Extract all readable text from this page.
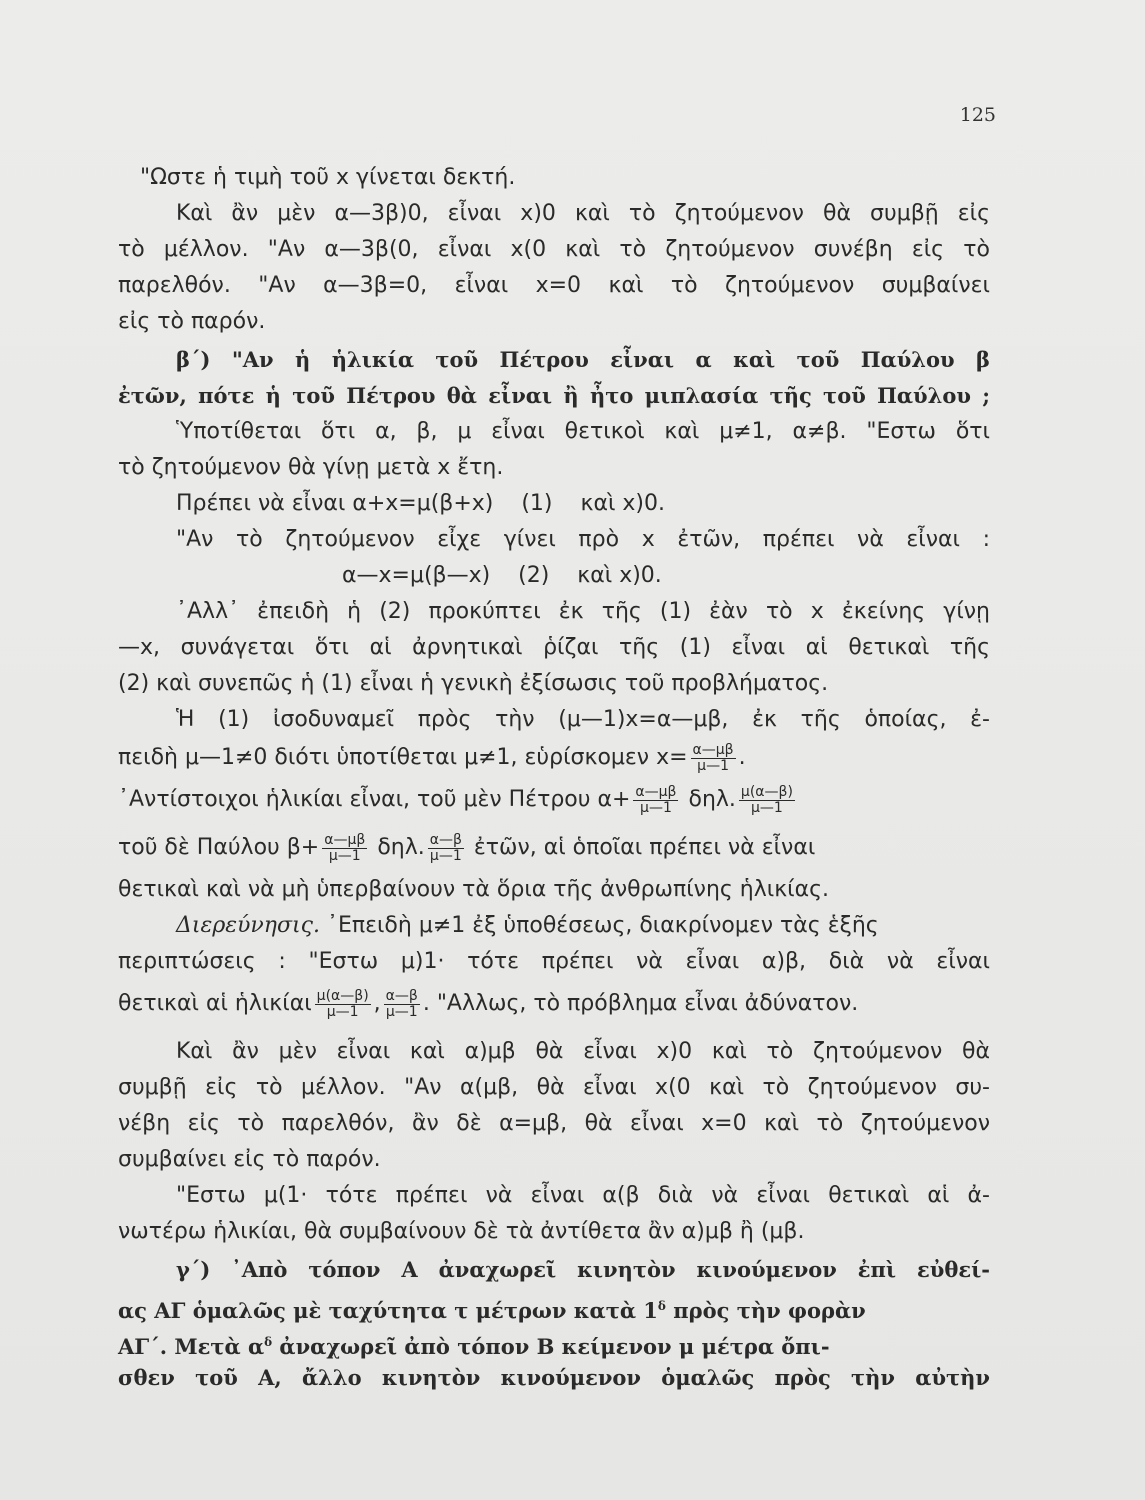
125
"Ωστε ἡ τιμὴ τοῦ x γίνεται δεκτή.
Καὶ ἂν μὲν α—3β)0, εἶναι x)0 καὶ τὸ ζητούμενον θὰ συμβῇ εἰς
τὸ μέλλον. "Αν α—3β(0, εἶναι x(0 καὶ τὸ ζητούμενον συνέβη εἰς τὸ
παρελθόν. "Αν α—3β=0, εἶναι x=0 καὶ τὸ ζητούμενον συμβαίνει
εἰς τὸ παρόν.
β΄) "Αν ἡ ἡλικία τοῦ Πέτρου εἶναι α καὶ τοῦ Παύλου β
ἐτῶν, πότε ἡ τοῦ Πέτρου θὰ εἶναι ἢ ἦτο μιπλασία τῆς τοῦ Παύλου ;
Ὑποτίθεται ὅτι α, β, μ εἶναι θετικοὶ καὶ μ≠1, α≠β. "Εστω ὅτι
τὸ ζητούμενον θὰ γίνῃ μετὰ x ἔτη.
Πρέπει νὰ εἶναι α+x=μ(β+x)    (1)    καὶ x)0.
"Αν τὸ ζητούμενον εἶχε γίνει πρὸ x ἐτῶν, πρέπει νὰ εἶναι :
α—x=μ(β—x)    (2)    καὶ x)0.
᾿Αλλ᾿ ἐπειδὴ ἡ (2) προκύπτει ἐκ τῆς (1) ἐὰν τὸ x ἐκείνης γίνῃ
—x, συνάγεται ὅτι αἱ ἀρνητικαὶ ῥίζαι τῆς (1) εἶναι αἱ θετικαὶ τῆς
(2) καὶ συνεπῶς ἡ (1) εἶναι ἡ γενικὴ ἐξίσωσις τοῦ προβλήματος.
Ἡ (1) ἰσοδυναμεῖ πρὸς τὴν (μ—1)x=α—μβ, ἐκ τῆς ὁποίας, ἐ-
πειδὴ μ—1≠0 διότι ὑποτίθεται μ≠1, εὑρίσκομεν $x= \frac{\alpha—\mu\beta}{\mu—1}$ .
᾿Αντίστοιχοι ἡλικίαι εἶναι, τοῦ μὲν Πέτρου $\alpha+ \frac{\alpha—\mu\beta}{\mu—1} \delta\eta\lambda$. $\frac{\mu(\alpha—\beta)}{\mu—1}$
τοῦ δὲ Παύλου $\beta+ \frac{\alpha—\mu\beta}{\mu—1} \delta\eta\lambda$. $\frac{\alpha—\beta}{\mu—1}$ ἐτῶν, αἱ ὁποῖαι πρέπει νὰ εἶναι
θετικαὶ καὶ νὰ μὴ ὑπερβαίνουν τὰ ὅρια τῆς ἀνθρωπίνης ἡλικίας.
Διερεύνησις. ᾿Επειδὴ μ≠1 ἐξ ὑποθέσεως, διακρίνομεν τὰς ἑξῆς
περιπτώσεις : "Εστω μ)1· τότε πρέπει νὰ εἶναι α)β, διὰ νὰ εἶναι
θετικαὶ αἱ ἡλικίαι $\frac{\mu(\alpha—\beta)}{\mu—1}$ , $\frac{\alpha—\beta}{\mu—1}$ . "Αλλως, τὸ πρόβλημα εἶναι ἀδύνατον.
Καὶ ἂν μὲν εἶναι καὶ α)μβ θὰ εἶναι x)0 καὶ τὸ ζητούμενον θὰ
συμβῇ εἰς τὸ μέλλον. "Αν α(μβ, θὰ εἶναι x(0 καὶ τὸ ζητούμενον συ-
νέβη εἰς τὸ παρελθόν, ἂν δὲ α=μβ, θὰ εἶναι x=0 καὶ τὸ ζητούμενον
συμβαίνει εἰς τὸ παρόν.
"Εστω μ(1· τότε πρέπει νὰ εἶναι α(β διὰ νὰ εἶναι θετικαὶ αἱ ἀ-
νωτέρω ἡλικίαι, θὰ συμβαίνουν δὲ τὰ ἀντίθετα ἂν α)μβ ἢ (μβ.
γ΄) ᾿Απὸ τόπον Α ἀναχωρεῖ κινητὸν κινούμενον ἐπὶ εὐθεί-
ας ΑΓ ὁμαλῶς μὲ ταχύτητα τ μέτρων κατὰ $1^\delta$ πρὸς τὴν φορὰν
ΑΓ΄. Μετὰ $\alpha^\delta$ ἀναχωρεῖ ἀπὸ τόπον Β κείμενον μ μέτρα ὄπι-
σθεν τοῦ Α, ἄλλο κινητὸν κινούμενον ὁμαλῶς πρὸς τὴν αὐτὴν
